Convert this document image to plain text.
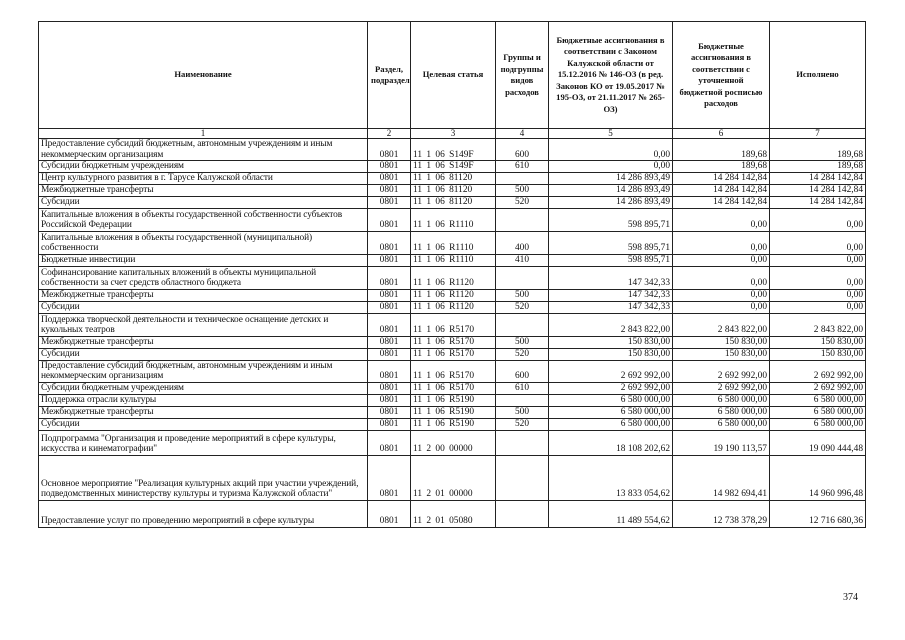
Наименование	Раздел, подраздел	Целевая статья	Группы и подгруппы видов расходов	Бюджетные ассигнования в соответствии с Законом Калужской области от 15.12.2016 № 146-ОЗ (в ред. Законов КО от 19.05.2017 № 195-ОЗ, от 21.11.2017 № 265-ОЗ)	Бюджетные ассигнования в соответствии с уточненной бюджетной росписью расходов	Исполнено
1	2	3	4	5	6	7
Предоставление субсидий бюджетным, автономным учреждениям и иным некоммерческим организациям	0801	11 1 06 S149F	600	0,00	189,68	189,68
Субсидии бюджетным учреждениям	0801	11 1 06 S149F	610	0,00	189,68	189,68
Центр культурного развития в г. Тарусе Калужской области	0801	11 1 06 81120		14 286 893,49	14 284 142,84	14 284 142,84
Межбюджетные трансферты	0801	11 1 06 81120	500	14 286 893,49	14 284 142,84	14 284 142,84
Субсидии	0801	11 1 06 81120	520	14 286 893,49	14 284 142,84	14 284 142,84
Капитальные вложения в объекты государственной собственности субъектов Российской Федерации	0801	11 1 06 R1110		598 895,71	0,00	0,00
Капитальные вложения в объекты государственной (муниципальной) собственности	0801	11 1 06 R1110	400	598 895,71	0,00	0,00
Бюджетные инвестиции	0801	11 1 06 R1110	410	598 895,71	0,00	0,00
Софинансирование капитальных вложений в объекты муниципальной собственности за счет средств областного бюджета	0801	11 1 06 R1120		147 342,33	0,00	0,00
Межбюджетные трансферты	0801	11 1 06 R1120	500	147 342,33	0,00	0,00
Субсидии	0801	11 1 06 R1120	520	147 342,33	0,00	0,00
Поддержка творческой деятельности и техническое оснащение детских и кукольных театров	0801	11 1 06 R5170		2 843 822,00	2 843 822,00	2 843 822,00
Межбюджетные трансферты	0801	11 1 06 R5170	500	150 830,00	150 830,00	150 830,00
Субсидии	0801	11 1 06 R5170	520	150 830,00	150 830,00	150 830,00
Предоставление субсидий бюджетным, автономным учреждениям и иным некоммерческим организациям	0801	11 1 06 R5170	600	2 692 992,00	2 692 992,00	2 692 992,00
Субсидии бюджетным учреждениям	0801	11 1 06 R5170	610	2 692 992,00	2 692 992,00	2 692 992,00
Поддержка отрасли культуры	0801	11 1 06 R5190		6 580 000,00	6 580 000,00	6 580 000,00
Межбюджетные трансферты	0801	11 1 06 R5190	500	6 580 000,00	6 580 000,00	6 580 000,00
Субсидии	0801	11 1 06 R5190	520	6 580 000,00	6 580 000,00	6 580 000,00
Подпрограмма "Организация и проведение мероприятий в сфере культуры, искусства и кинематографии"	0801	11 2 00 00000		18 108 202,62	19 190 113,57	19 090 444,48
Основное мероприятие "Реализация культурных акций при участии учреждений, подведомственных министерству культуры и туризма Калужской области"	0801	11 2 01 00000		13 833 054,62	14 982 694,41	14 960 996,48
Предоставление услуг по проведению мероприятий в сфере культуры	0801	11 2 01 05080		11 489 554,62	12 738 378,29	12 716 680,36
374
